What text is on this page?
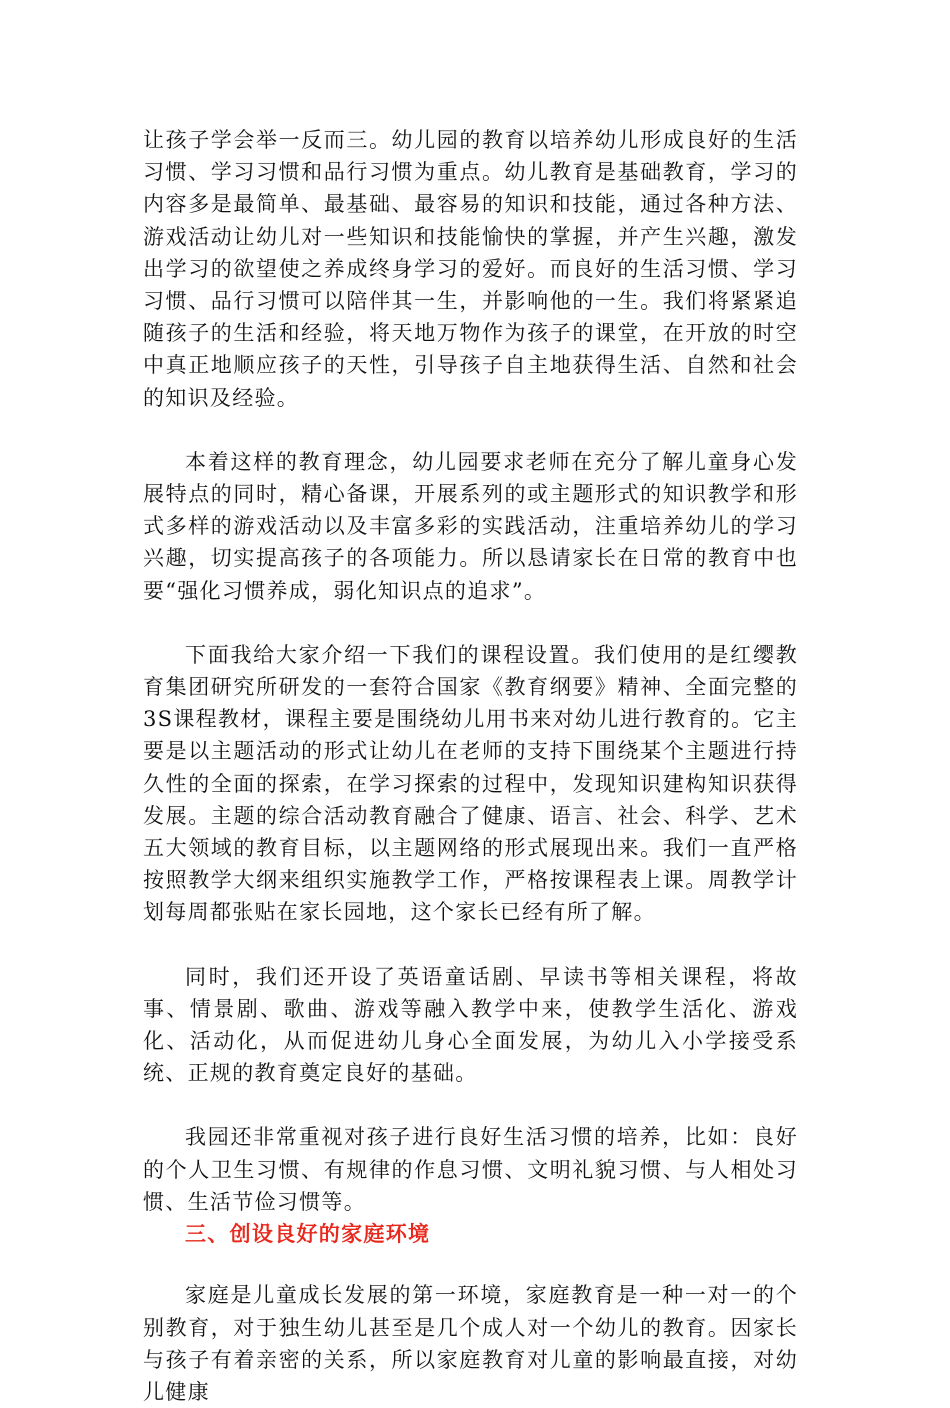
让孩子学会举一反而三。幼儿园的教育以培养幼儿形成良好的生活习惯、学习习惯和品行习惯为重点。幼儿教育是基础教育，学习的内容多是最简单、最基础、最容易的知识和技能，通过各种方法、游戏活动让幼儿对一些知识和技能愉快的掌握，并产生兴趣，激发出学习的欲望使之养成终身学习的爱好。而良好的生活习惯、学习习惯、品行习惯可以陪伴其一生，并影响他的一生。我们将紧紧追随孩子的生活和经验，将天地万物作为孩子的课堂，在开放的时空中真正地顺应孩子的天性，引导孩子自主地获得生活、自然和社会的知识及经验。

本着这样的教育理念，幼儿园要求老师在充分了解儿童身心发展特点的同时，精心备课，开展系列的或主题形式的知识教学和形式多样的游戏活动以及丰富多彩的实践活动，注重培养幼儿的学习兴趣，切实提高孩子的各项能力。所以恳请家长在日常的教育中也要“强化习惯养成，弱化知识点的追求”。

下面我给大家介绍一下我们的课程设置。我们使用的是红缨教育集团研究所研发的一套符合国家《教育纲要》精神、全面完整的3S课程教材，课程主要是围绕幼儿用书来对幼儿进行教育的。它主要是以主题活动的形式让幼儿在老师的支持下围绕某个主题进行持久性的全面的探索，在学习探索的过程中，发现知识建构知识获得发展。主题的综合活动教育融合了健康、语言、社会、科学、艺术五大领域的教育目标，以主题网络的形式展现出来。我们一直严格按照教学大纲来组织实施教学工作，严格按课程表上课。周教学计划每周都张贴在家长园地，这个家长已经有所了解。

同时，我们还开设了英语童话剧、早读书等相关课程，将故事、情景剧、歌曲、游戏等融入教学中来，使教学生活化、游戏化、活动化，从而促进幼儿身心全面发展，为幼儿入小学接受系统、正规的教育奠定良好的基础。

我园还非常重视对孩子进行良好生活习惯的培养，比如：良好的个人卫生习惯、有规律的作息习惯、文明礼貌习惯、与人相处习惯、生活节俭习惯等。

三、创设良好的家庭环境

家庭是儿童成长发展的第一环境，家庭教育是一种一对一的个别教育，对于独生幼儿甚至是几个成人对一个幼儿的教育。因家长与孩子有着亲密的关系，所以家庭教育对儿童的影响最直接，对幼儿健康
